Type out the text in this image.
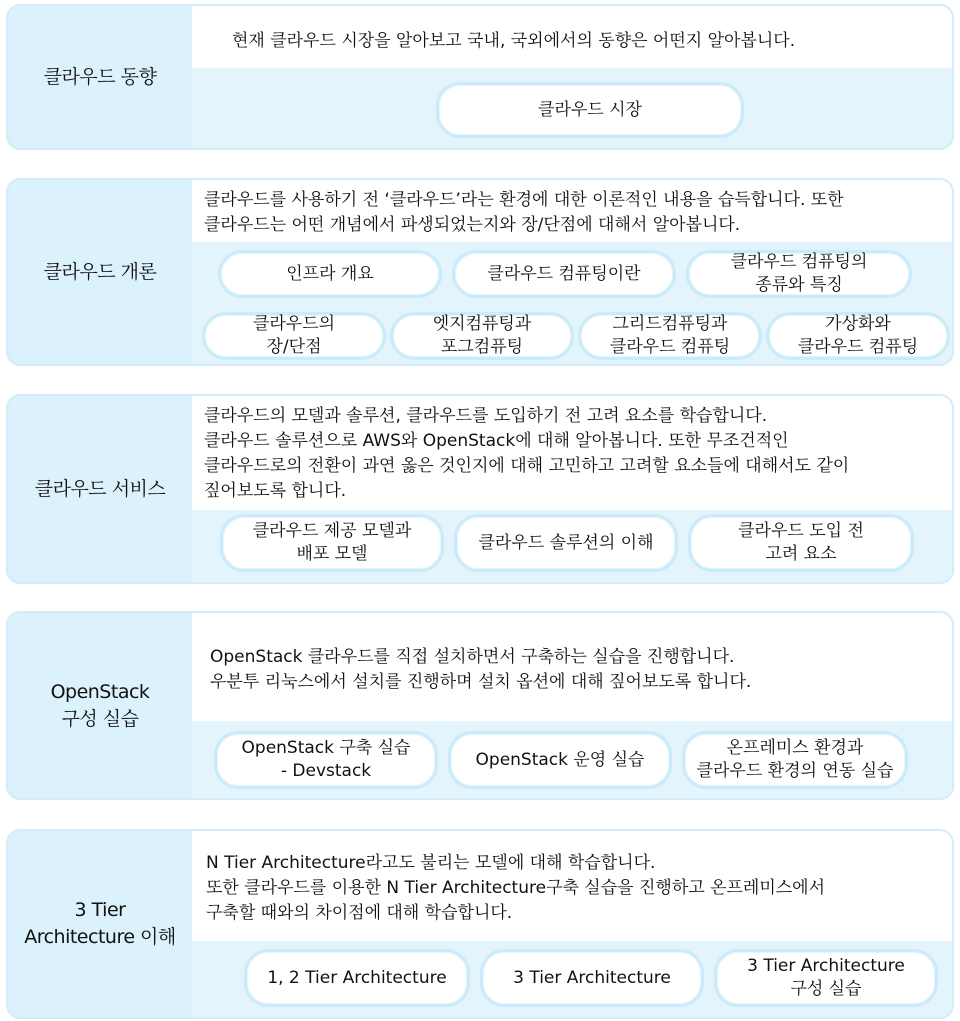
클라우드 동향
현재 클라우드 시장을 알아보고 국내, 국외에서의 동향은 어떤지 알아봅니다.
클라우드 시장
클라우드 개론
클라우드를 사용하기 전 ‘클라우드’라는 환경에 대한 이론적인 내용을 습득합니다. 또한
클라우드는 어떤 개념에서 파생되었는지와 장/단점에 대해서 알아봅니다.
인프라 개요	클라우드 컴퓨팅이란
클라우드 컴퓨팅의
종류와 특징
클라우드의
장/단점
엣지컴퓨팅과
포그컴퓨팅
그리드컴퓨팅과
클라우드 컴퓨팅
가상화와
클라우드 컴퓨팅
클라우드 서비스
클라우드의 모델과 솔루션, 클라우드를 도입하기 전 고려 요소를 학습합니다.
클라우드 솔루션으로 AWS와 OpenStack에 대해 알아봅니다. 또한 무조건적인
클라우드로의 전환이 과연 옳은 것인지에 대해 고민하고 고려할 요소들에 대해서도 같이
짚어보도록 합니다.
클라우드 제공 모델과
배포 모델
클라우드 솔루션의 이해
클라우드 도입 전
고려 요소
OpenStack
구성 실습
OpenStack 클라우드를 직접 설치하면서 구축하는 실습을 진행합니다.
우분투 리눅스에서 설치를 진행하며 설치 옵션에 대해 짚어보도록 합니다.
OpenStack 구축 실습
- Devstack
OpenStack 운영 실습
온프레미스 환경과
클라우드 환경의 연동 실습
3 Tier
Architecture 이해
N Tier Architecture라고도 불리는 모델에 대해 학습합니다.
또한 클라우드를 이용한 N Tier Architecture구축 실습을 진행하고 온프레미스에서
구축할 때와의 차이점에 대해 학습합니다.
1, 2 Tier Architecture	3 Tier Architecture
3 Tier Architecture
구성 실습
